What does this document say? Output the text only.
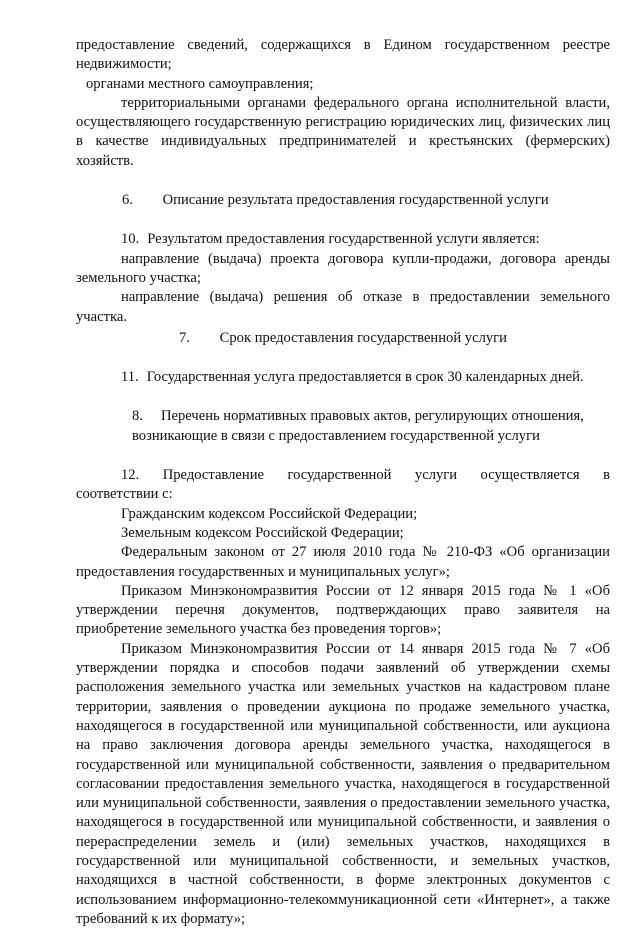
предоставление сведений, содержащихся в Едином государственном реестре недвижимости;

органами местного самоуправления;

территориальными органами федерального органа исполнительной власти, осуществляющего государственную регистрацию юридических лиц, физических лиц в качестве индивидуальных предпринимателей и крестьянских (фермерских) хозяйств.

6. Описание результата предоставления государственной услуги

10. Результатом предоставления государственной услуги является:

направление (выдача) проекта договора купли-продажи, договора аренды земельного участка;

направление (выдача) решения об отказе в предоставлении земельного участка.

7. Срок предоставления государственной услуги

11. Государственная услуга предоставляется в срок 30 календарных дней.

8. Перечень нормативных правовых актов, регулирующих отношения,
возникающие в связи с предоставлением государственной услуги

12. Предоставление государственной услуги осуществляется в

соответствии с:

Гражданским кодексом Российской Федерации;

Земельным кодексом Российской Федерации;

Федеральным законом от 27 июля 2010 года № 210-ФЗ «Об организации предоставления государственных и муниципальных услуг»;

Приказом Минэкономразвития России от 12 января 2015 года № 1 «Об утверждении перечня документов, подтверждающих право заявителя на приобретение земельного участка без проведения торгов»;

Приказом Минэкономразвития России от 14 января 2015 года № 7 «Об утверждении порядка и способов подачи заявлений об утверждении схемы расположения земельного участка или земельных участков на кадастровом плане территории, заявления о проведении аукциона по продаже земельного участка, находящегося в государственной или муниципальной собственности, или аукциона на право заключения договора аренды земельного участка, находящегося в государственной или муниципальной собственности, заявления о предварительном согласовании предоставления земельного участка, находящегося в государственной или муниципальной собственности, заявления о предоставлении земельного участка, находящегося в государственной или муниципальной собственности, и заявления о перераспределении земель и (или) земельных участков, находящихся в государственной или муниципальной собственности, и земельных участков, находящихся в частной собственности, в форме электронных документов с использованием информационно-телекоммуникационной сети «Интернет», а также требований к их формату»;
